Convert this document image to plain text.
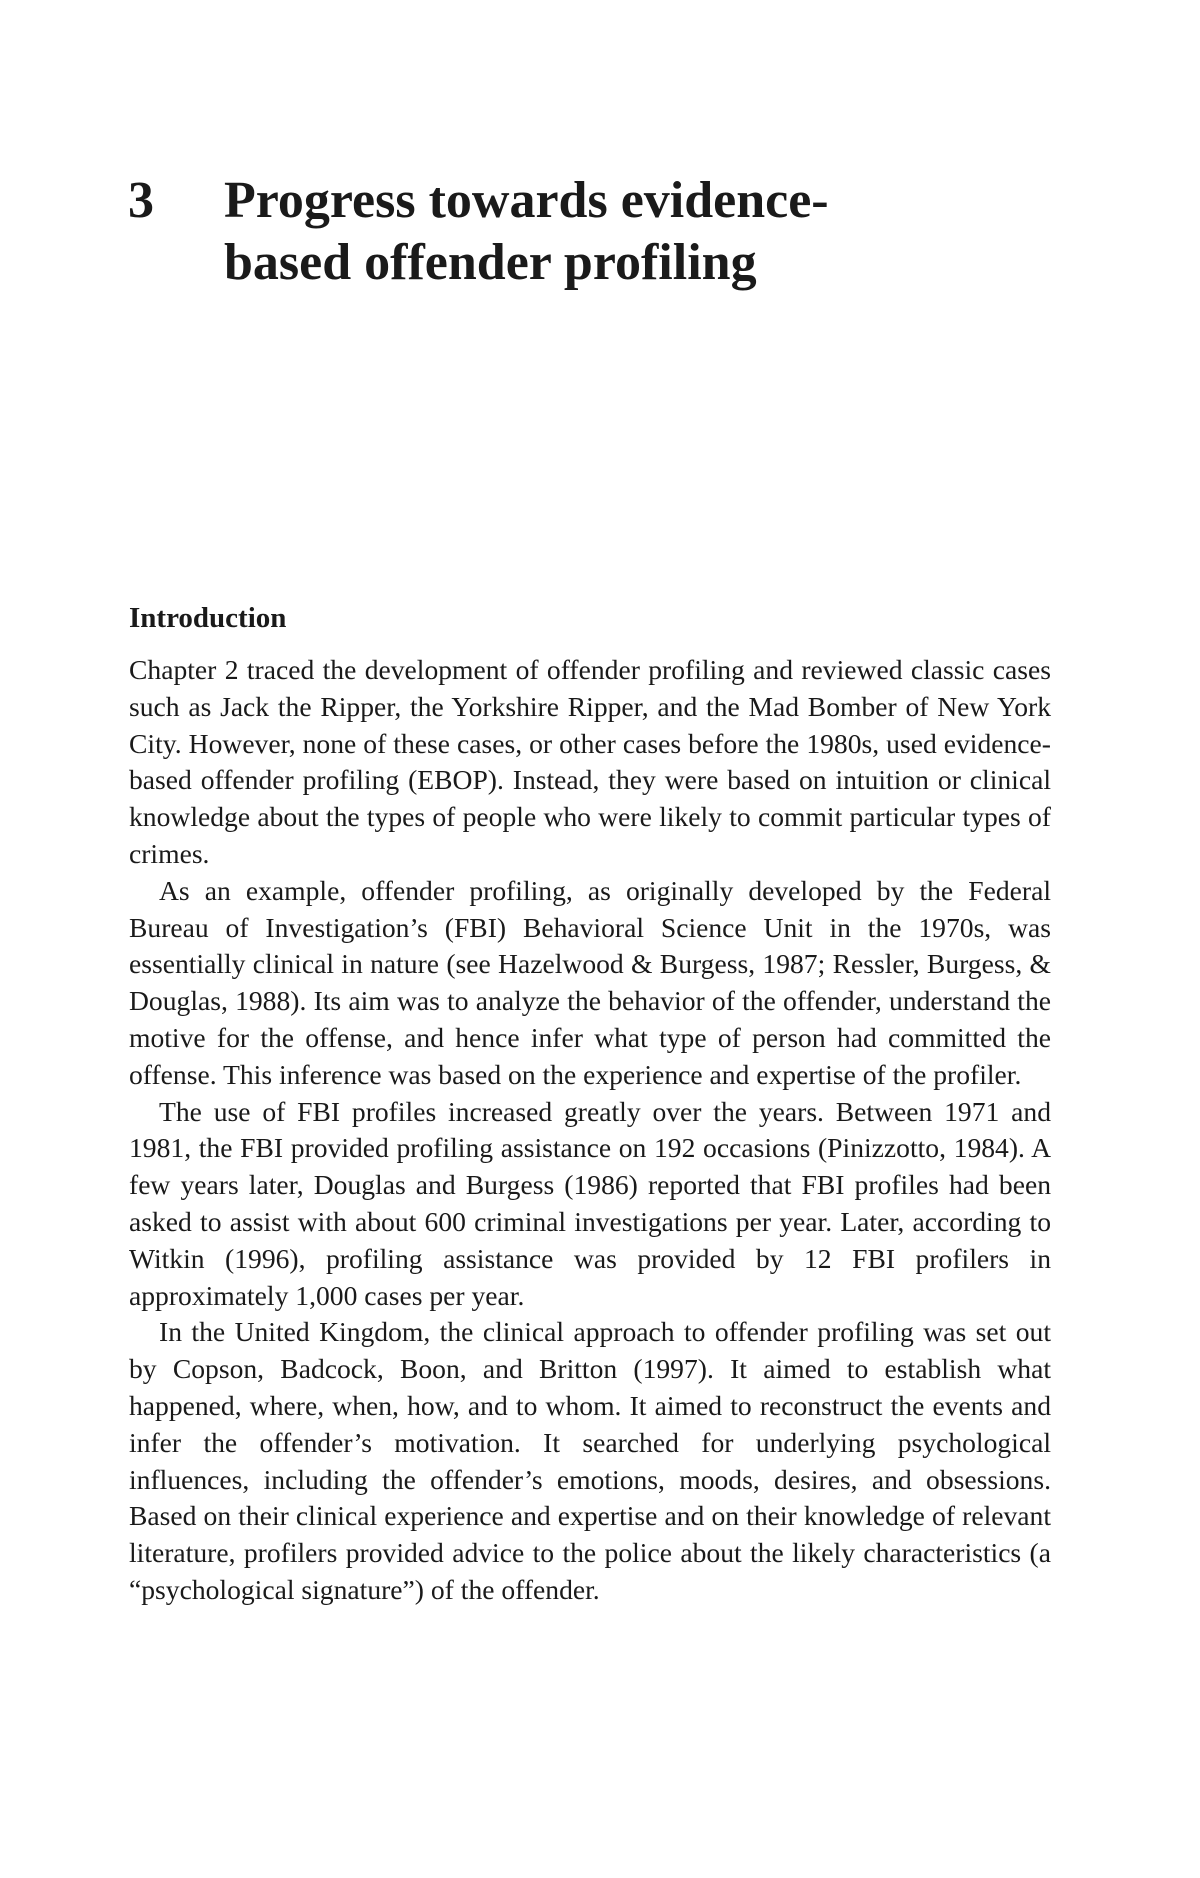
3 Progress towards evidence-
based offender profiling
Introduction

Chapter 2 traced the development of offender profiling and reviewed classic cases such as Jack the Ripper, the Yorkshire Ripper, and the Mad Bomber of New York City. However, none of these cases, or other cases before the 1980s, used evidence-based offender profiling (EBOP). Instead, they were based on intuition or clinical knowledge about the types of people who were likely to commit particular types of crimes.

As an example, offender profiling, as originally developed by the Federal Bureau of Investigation’s (FBI) Behavioral Science Unit in the 1970s, was essentially clinical in nature (see Hazelwood & Burgess, 1987; Ressler, Burgess, & Douglas, 1988). Its aim was to analyze the behavior of the offender, understand the motive for the offense, and hence infer what type of person had committed the offense. This inference was based on the experience and expertise of the profiler.

The use of FBI profiles increased greatly over the years. Between 1971 and 1981, the FBI provided profiling assistance on 192 occasions (Pinizzotto, 1984). A few years later, Douglas and Burgess (1986) reported that FBI profiles had been asked to assist with about 600 criminal investigations per year. Later, according to Witkin (1996), profiling assistance was provided by 12 FBI profilers in approximately 1,000 cases per year.

In the United Kingdom, the clinical approach to offender profiling was set out by Copson, Badcock, Boon, and Britton (1997). It aimed to establish what happened, where, when, how, and to whom. It aimed to reconstruct the events and infer the offender’s motivation. It searched for underlying psychological influences, including the offender’s emotions, moods, desires, and obsessions. Based on their clinical experience and expertise and on their knowledge of relevant literature, profilers provided advice to the police about the likely characteristics (a “psychological signature”) of the offender.
